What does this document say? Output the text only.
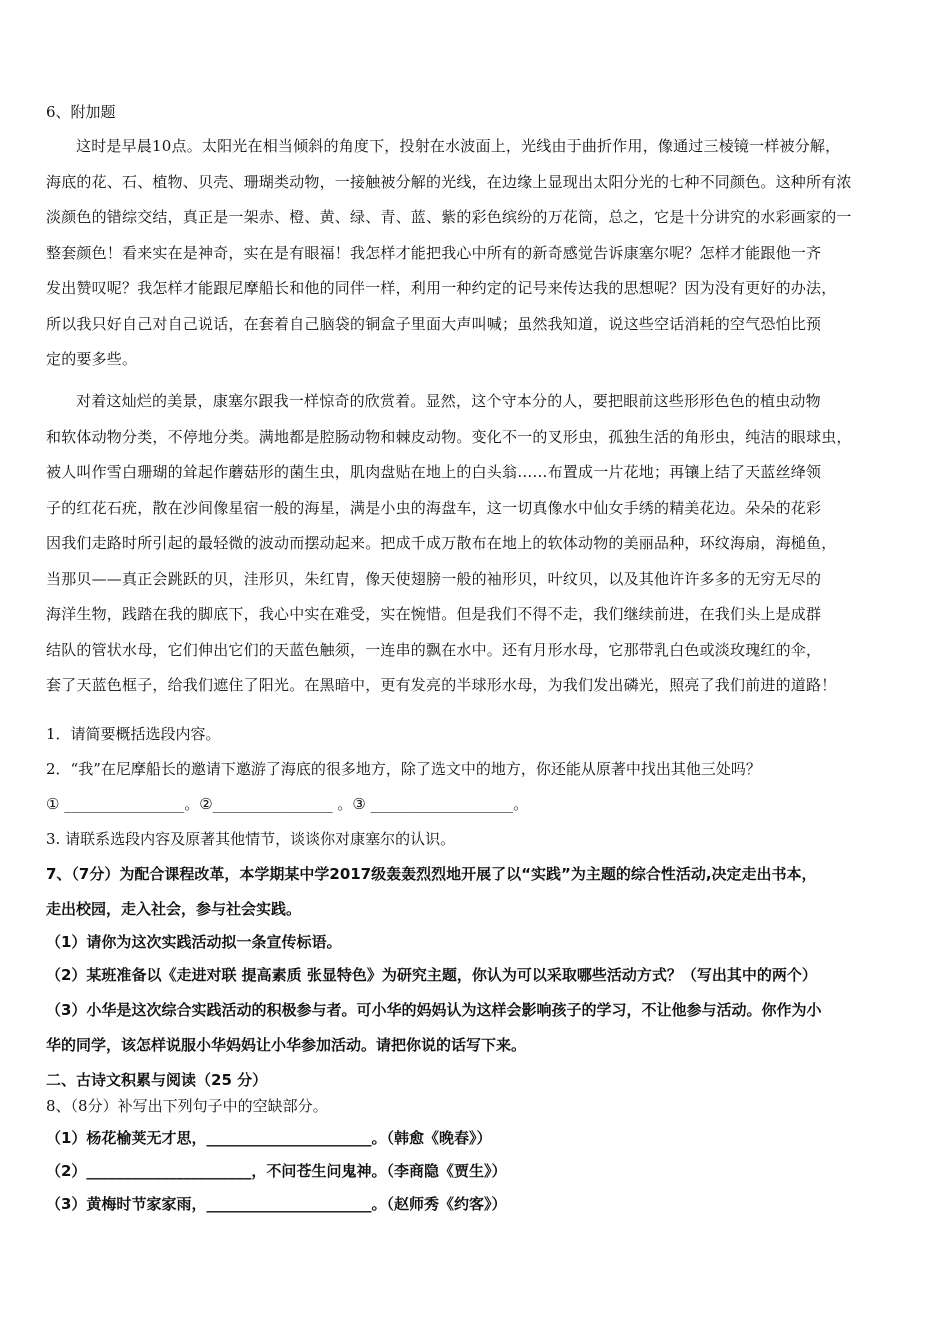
6、附加题
这时是早晨10点。太阳光在相当倾斜的角度下，投射在水波面上，光线由于曲折作用，像通过三棱镜一样被分解，
海底的花、石、植物、贝壳、珊瑚类动物，一接触被分解的光线，在边缘上显现出太阳分光的七种不同颜色。这种所有浓
淡颜色的错综交结，真正是一架赤、橙、黄、绿、青、蓝、紫的彩色缤纷的万花筒，总之，它是十分讲究的水彩画家的一
整套颜色！看来实在是神奇，实在是有眼福！我怎样才能把我心中所有的新奇感觉告诉康塞尔呢？怎样才能跟他一齐
发出赞叹呢？我怎样才能跟尼摩船长和他的同伴一样，利用一种约定的记号来传达我的思想呢？因为没有更好的办法，
所以我只好自己对自己说话，在套着自己脑袋的铜盒子里面大声叫喊；虽然我知道，说这些空话消耗的空气恐怕比预
定的要多些。
对着这灿烂的美景，康塞尔跟我一样惊奇的欣赏着。显然，这个守本分的人，要把眼前这些形形色色的植虫动物
和软体动物分类，不停地分类。满地都是腔肠动物和棘皮动物。变化不一的叉形虫，孤独生活的角形虫，纯洁的眼球虫，
被人叫作雪白珊瑚的耸起作蘑菇形的菌生虫，肌肉盘贴在地上的白头翁……布置成一片花地；再镶上结了天蓝丝绛领
子的红花石疣，散在沙间像星宿一般的海星，满是小虫的海盘车，这一切真像水中仙女手绣的精美花边。朵朵的花彩
因我们走路时所引起的最轻微的波动而摆动起来。把成千成万散布在地上的软体动物的美丽品种，环纹海扇，海槌鱼，
当那贝——真正会跳跃的贝，洼形贝，朱红胄，像天使翅膀一般的袖形贝，叶纹贝，以及其他许许多多的无穷无尽的
海洋生物，践踏在我的脚底下，我心中实在难受，实在惋惜。但是我们不得不走，我们继续前进，在我们头上是成群
结队的管状水母，它们伸出它们的天蓝色触须，一连串的飘在水中。还有月形水母，它那带乳白色或淡玫瑰红的伞，
套了天蓝色框子，给我们遮住了阳光。在黑暗中，更有发亮的半球形水母，为我们发出磷光，照亮了我们前进的道路！
1．请简要概括选段内容。
2．“我”在尼摩船长的邀请下邀游了海底的很多地方，除了选文中的地方，你还能从原著中找出其他三处吗？
① ________________。②________________ 。③ ___________________。
3. 请联系选段内容及原著其他情节，谈谈你对康塞尔的认识。
7、（7分）为配合课程改革，本学期某中学2017级轰轰烈烈地开展了以“实践”为主题的综合性活动,决定走出书本，
走出校园，走入社会，参与社会实践。
（1）请你为这次实践活动拟一条宣传标语。
（2）某班准备以《走进对联 提高素质 张显特色》为研究主题，你认为可以采取哪些活动方式？（写出其中的两个）
（3）小华是这次综合实践活动的积极参与者。可小华的妈妈认为这样会影响孩子的学习，不让他参与活动。你作为小
华的同学，该怎样说服小华妈妈让小华参加活动。请把你说的话写下来。
二、古诗文积累与阅读（25 分）
8、（8分）补写出下列句子中的空缺部分。
（1）杨花榆荚无才思，______________________。（韩愈《晚春》）
（2）______________________，不问苍生问鬼神。（李商隐《贾生》）
（3）黄梅时节家家雨，______________________。（赵师秀《约客》）
